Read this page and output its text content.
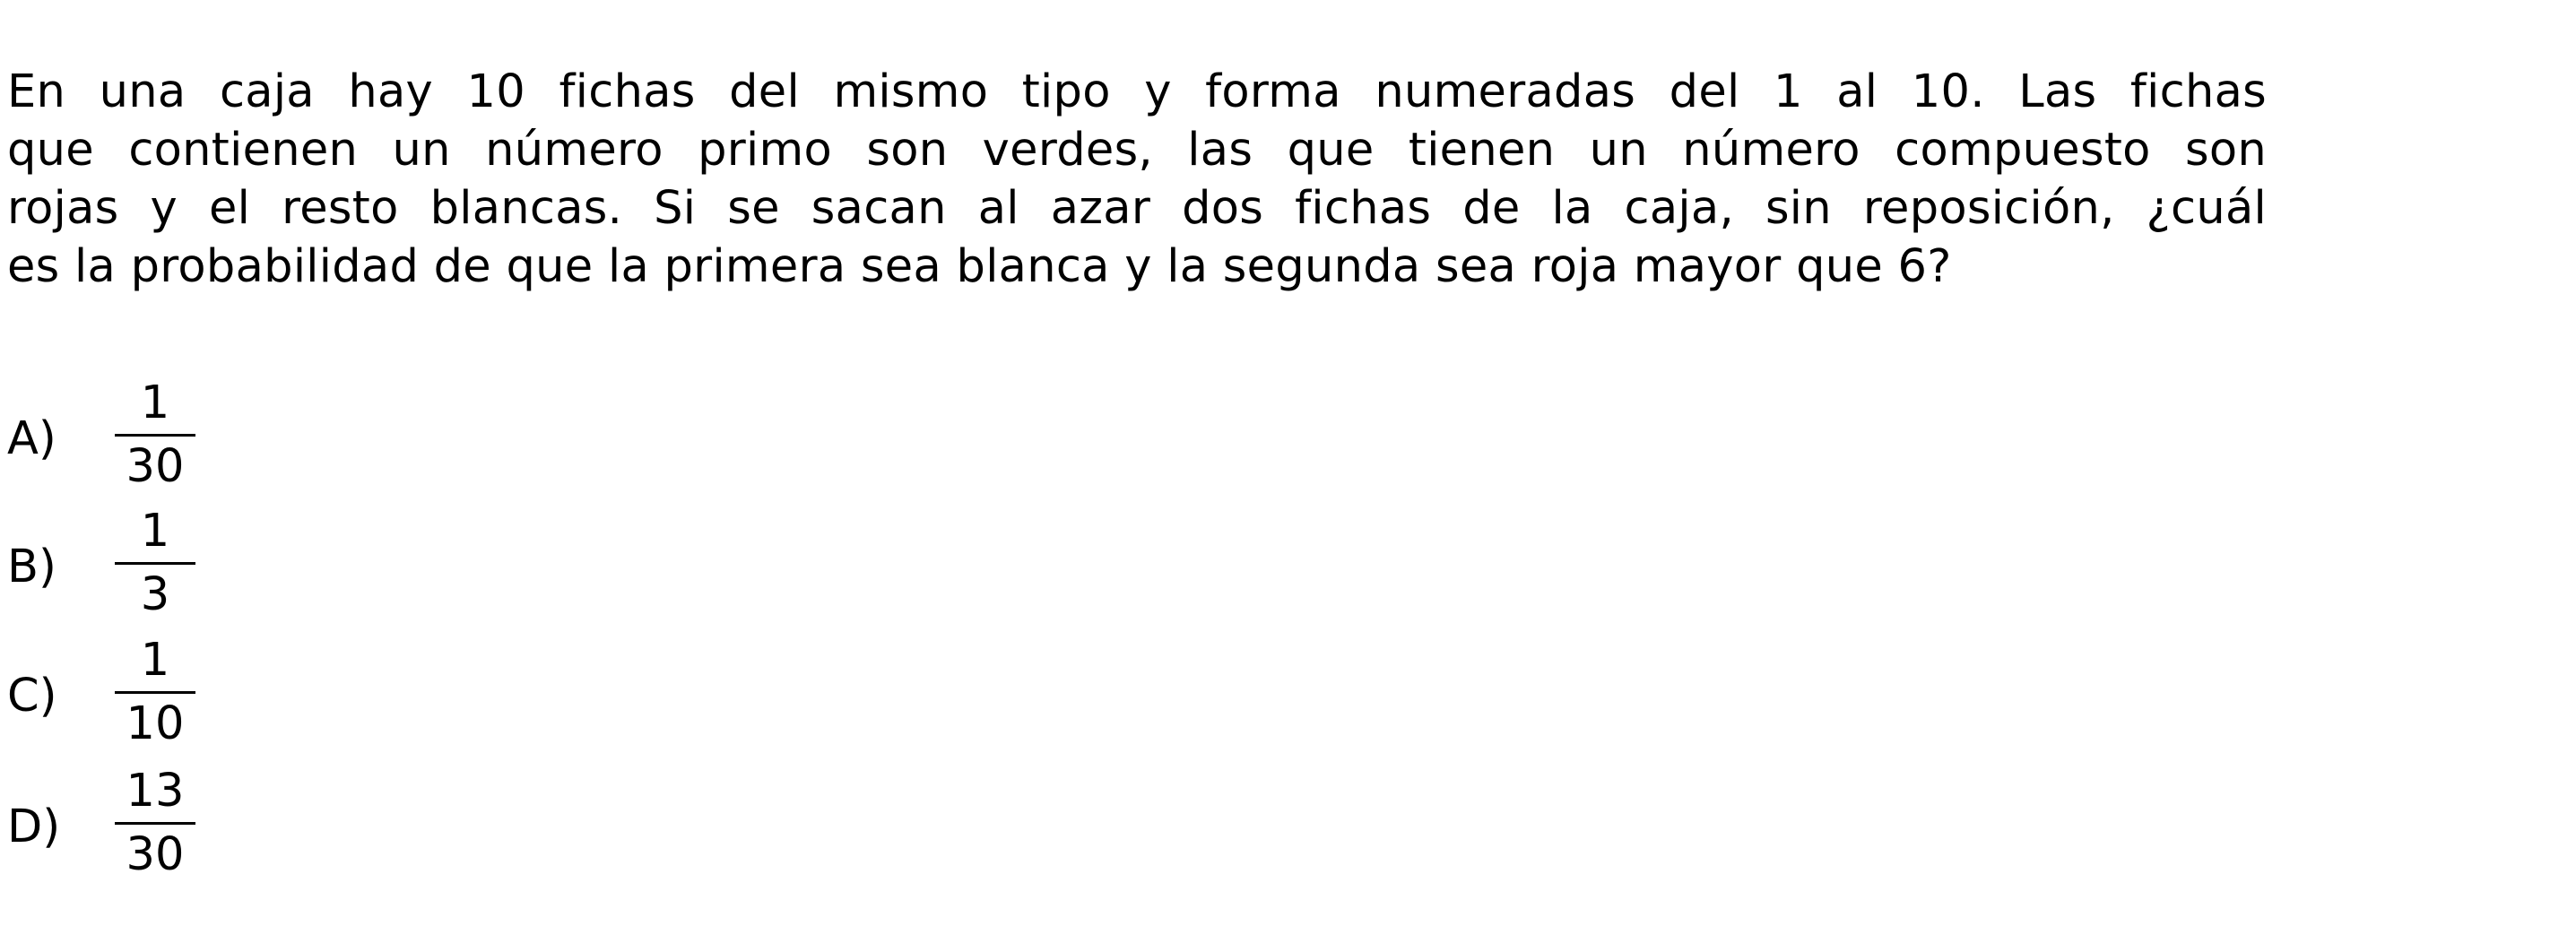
En una caja hay 10 fichas del mismo tipo y forma numeradas del 1 al 10. Las fichas
que contienen un número primo son verdes, las que tienen un número compuesto son
rojas y el resto blancas. Si se sacan al azar dos fichas de la caja, sin reposición, ¿cuál
es la probabilidad de que la primera sea blanca y la segunda sea roja mayor que 6?
A)
1
30
B)
1
3
C)
1
10
D)
13
30
